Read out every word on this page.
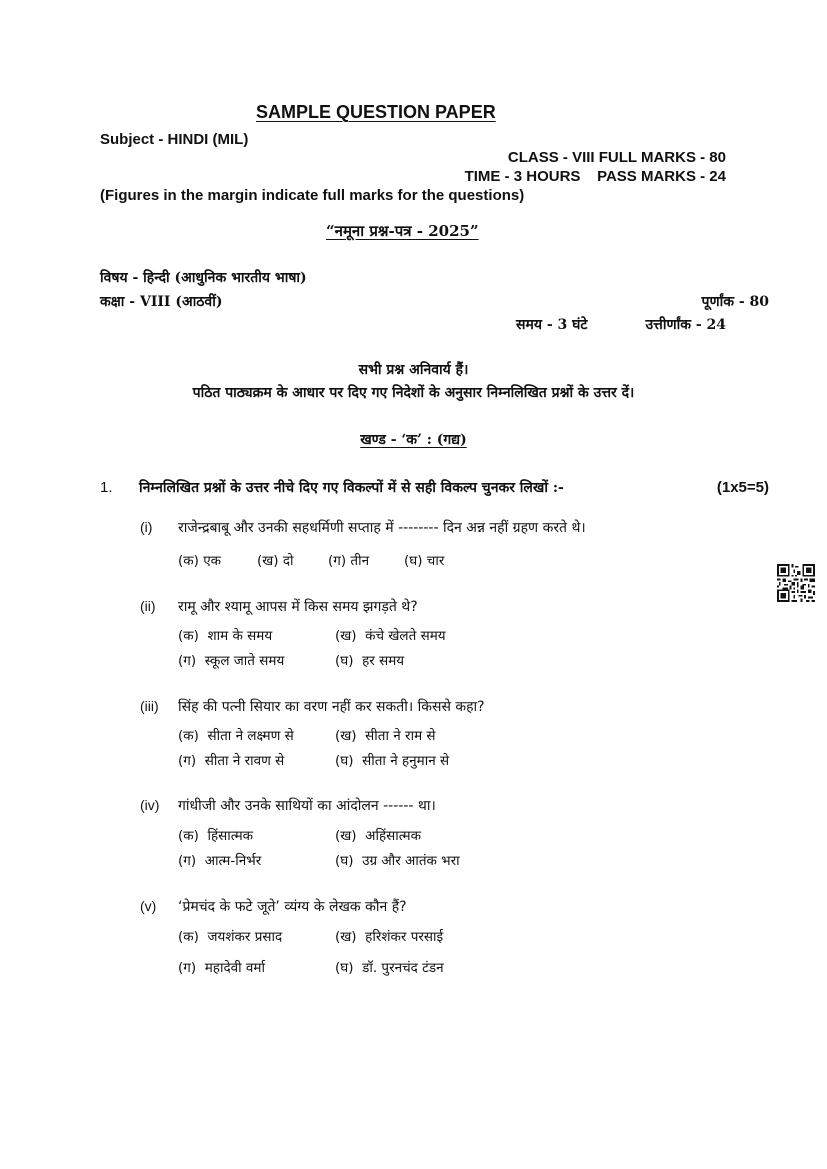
SAMPLE QUESTION PAPER
Subject - HINDI (MIL)
CLASS - VIII FULL MARKS - 80
TIME - 3 HOURS    PASS MARKS - 24
(Figures in the margin indicate full marks for the questions)
“नमूना प्रश्न-पत्र - 2025”
विषय - हिन्दी (आधुनिक भारतीय भाषा)
कक्षा - VIII (आठवीं)	पूर्णांक - 80
समय - 3 घंटे	उत्तीर्णांक - 24
सभी प्रश्न अनिवार्य हैं।
पठित पाठ्यक्रम के आधार पर दिए गए निदेशों के अनुसार निम्नलिखित प्रश्नों के उत्तर दें।
खण्ड - ‘क’ : (गद्य)
1. निम्नलिखित प्रश्नों के उत्तर नीचे दिए गए विकल्पों में से सही विकल्प चुनकर लिखों :-	(1x5=5)
(i) राजेन्द्रबाबू और उनकी सहधर्मिणी सप्ताह में -------- दिन अन्न नहीं ग्रहण करते थे।
(क) एक	(ख) दो	(ग) तीन	(घ) चार
(ii) रामू और श्यामू आपस में किस समय झगड़ते थे?
(क)  शाम के समय	(ख)  कंचे खेलते समय
(ग)  स्कूल जाते समय	(घ)  हर समय
(iii) सिंह की पत्नी सियार का वरण नहीं कर सकती। किससे कहा?
(क)  सीता ने लक्ष्मण से	(ख)  सीता ने राम से
(ग)  सीता ने रावण से	(घ)  सीता ने हनुमान से
(iv) गांधीजी और उनके साथियों का आंदोलन ------ था।
(क)  हिंसात्मक	(ख)  अहिंसात्मक
(ग)  आत्म-निर्भर	(घ)  उग्र और आतंक भरा
(v) ‘प्रेमचंद के फटे जूते’ व्यंग्य के लेखक कौन हैं?
(क)  जयशंकर प्रसाद	(ख)  हरिशंकर परसाई
(ग)  महादेवी वर्मा	(घ)  डॉ. पुरनचंद टंडन
